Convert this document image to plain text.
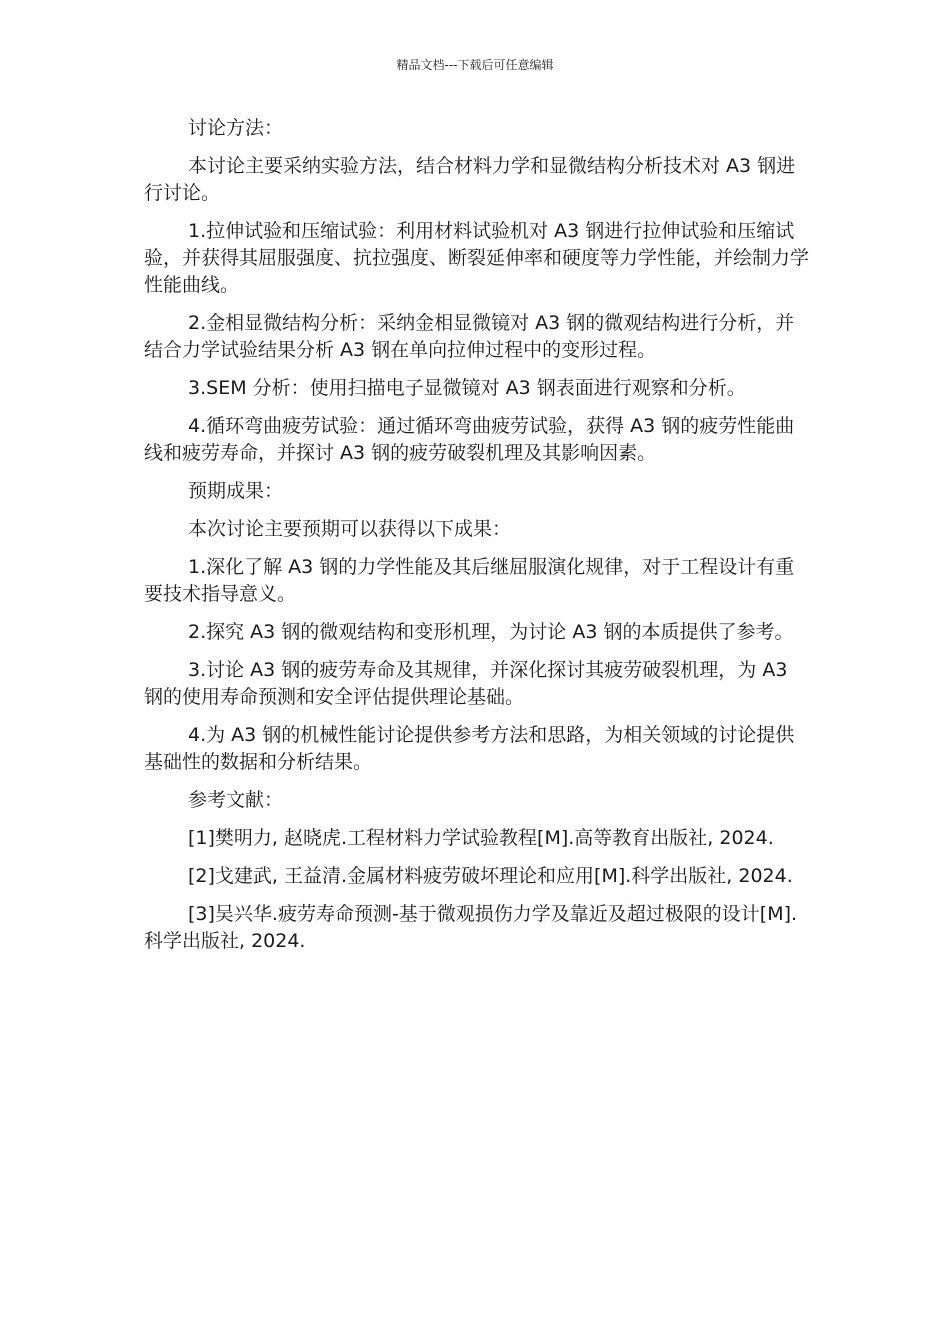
精品文档---下载后可任意编辑

讨论方法：

本讨论主要采纳实验方法，结合材料力学和显微结构分析技术对 A3 钢进行讨论。

1.拉伸试验和压缩试验：利用材料试验机对 A3 钢进行拉伸试验和压缩试验，并获得其屈服强度、抗拉强度、断裂延伸率和硬度等力学性能，并绘制力学性能曲线。

2.金相显微结构分析：采纳金相显微镜对 A3 钢的微观结构进行分析，并结合力学试验结果分析 A3 钢在单向拉伸过程中的变形过程。

3.SEM 分析：使用扫描电子显微镜对 A3 钢表面进行观察和分析。

4.循环弯曲疲劳试验：通过循环弯曲疲劳试验，获得 A3 钢的疲劳性能曲线和疲劳寿命，并探讨 A3 钢的疲劳破裂机理及其影响因素。

预期成果：

本次讨论主要预期可以获得以下成果：

1.深化了解 A3 钢的力学性能及其后继屈服演化规律，对于工程设计有重要技术指导意义。

2.探究 A3 钢的微观结构和变形机理，为讨论 A3 钢的本质提供了参考。

3.讨论 A3 钢的疲劳寿命及其规律，并深化探讨其疲劳破裂机理，为 A3 钢的使用寿命预测和安全评估提供理论基础。

4.为 A3 钢的机械性能讨论提供参考方法和思路，为相关领域的讨论提供基础性的数据和分析结果。

参考文献：

[1]樊明力, 赵晓虎.工程材料力学试验教程[M].高等教育出版社, 2024.

[2]戈建武, 王益清.金属材料疲劳破坏理论和应用[M].科学出版社, 2024.

[3]吴兴华.疲劳寿命预测-基于微观损伤力学及靠近及超过极限的设计[M].科学出版社, 2024.
